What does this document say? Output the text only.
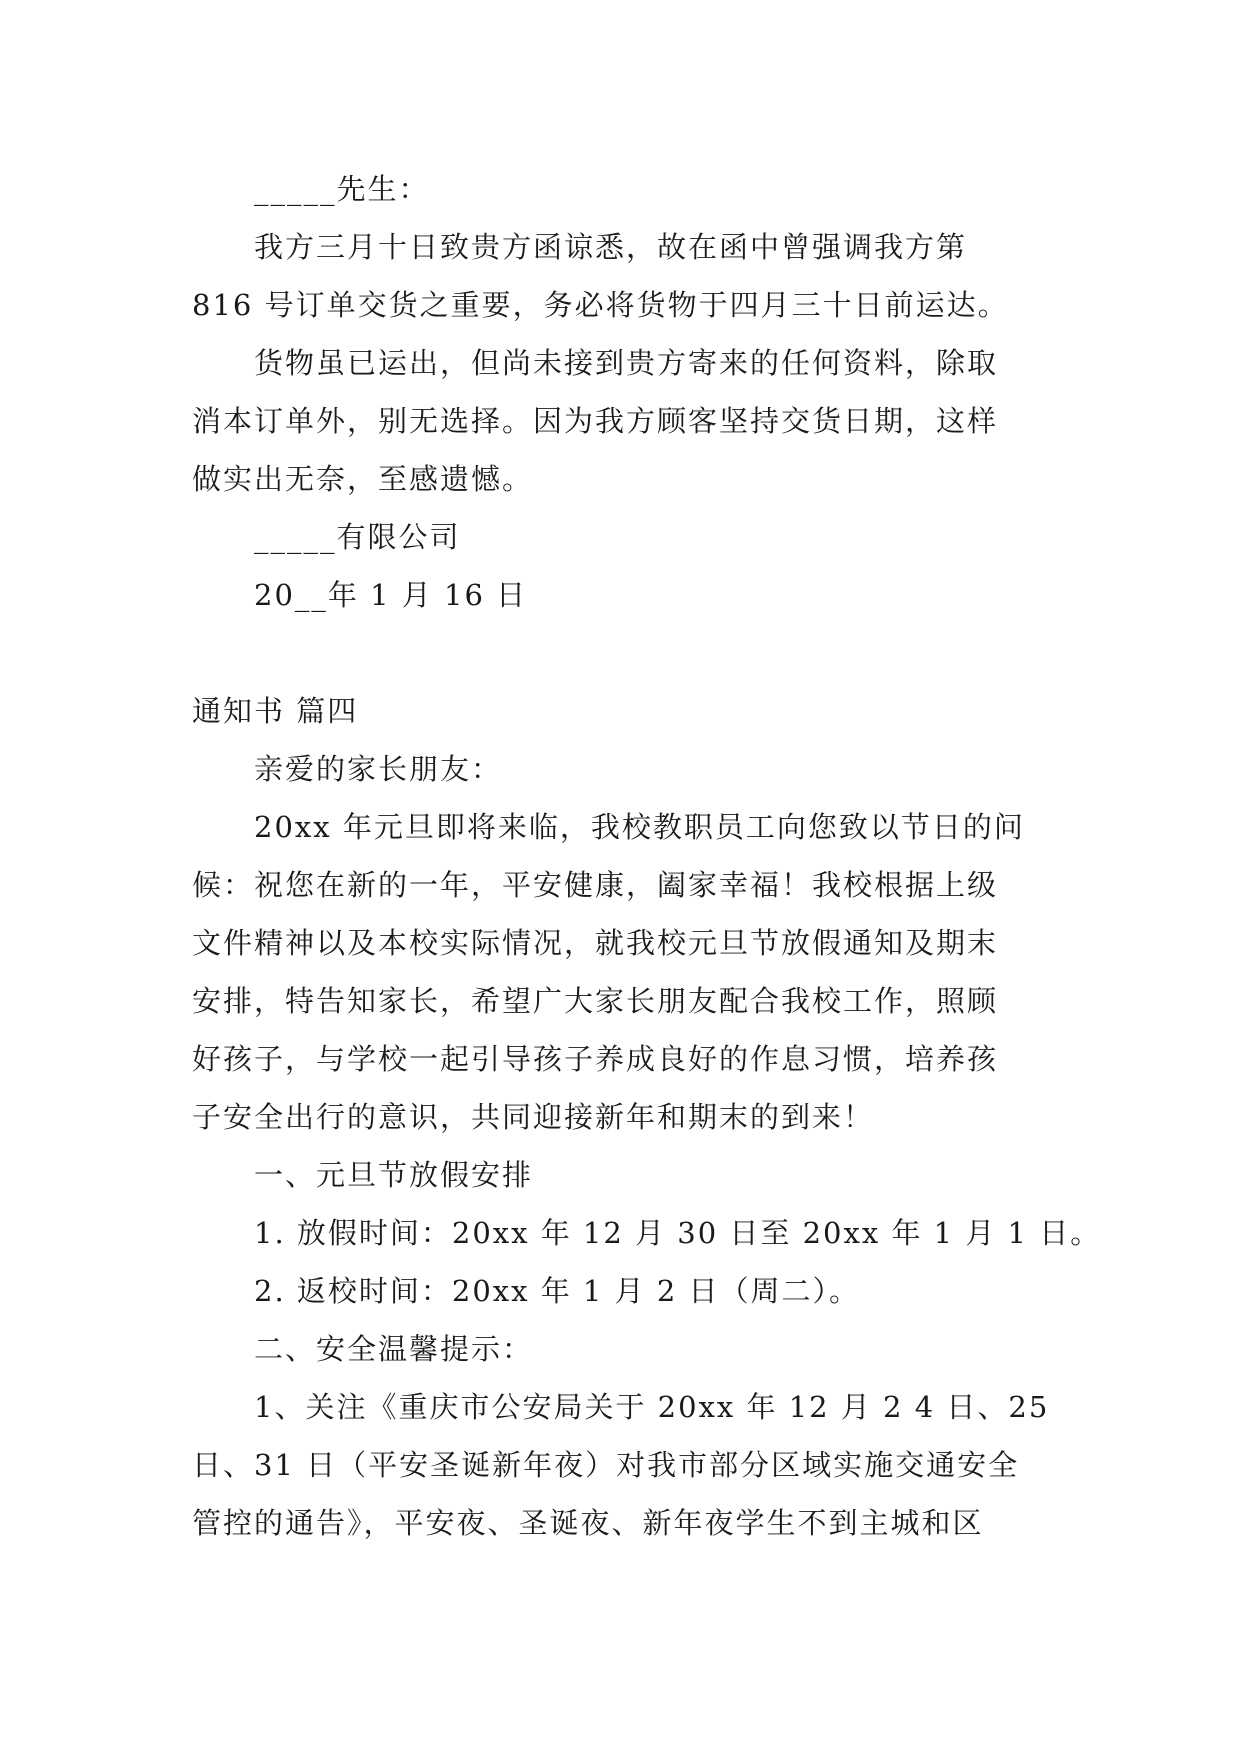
_____先生：
我方三月十日致贵方函谅悉，故在函中曾强调我方第
816 号订单交货之重要，务必将货物于四月三十日前运达。
货物虽已运出，但尚未接到贵方寄来的任何资料，除取
消本订单外，别无选择。因为我方顾客坚持交货日期，这样
做实出无奈，至感遗憾。
_____有限公司
20__年 1 月 16 日
通知书 篇四
亲爱的家长朋友：
20xx 年元旦即将来临，我校教职员工向您致以节日的问
候：祝您在新的一年，平安健康，阖家幸福！我校根据上级
文件精神以及本校实际情况，就我校元旦节放假通知及期末
安排，特告知家长，希望广大家长朋友配合我校工作，照顾
好孩子，与学校一起引导孩子养成良好的作息习惯，培养孩
子安全出行的意识，共同迎接新年和期末的到来！
一、元旦节放假安排
1. 放假时间：20xx 年 12 月 30 日至 20xx 年 1 月 1 日。
2. 返校时间：20xx 年 1 月 2 日（周二）。
二、安全温馨提示：
1、关注《重庆市公安局关于 20xx 年 12 月 2 4 日、25
日、31 日（平安圣诞新年夜）对我市部分区域实施交通安全
管控的通告》，平安夜、圣诞夜、新年夜学生不到主城和区
